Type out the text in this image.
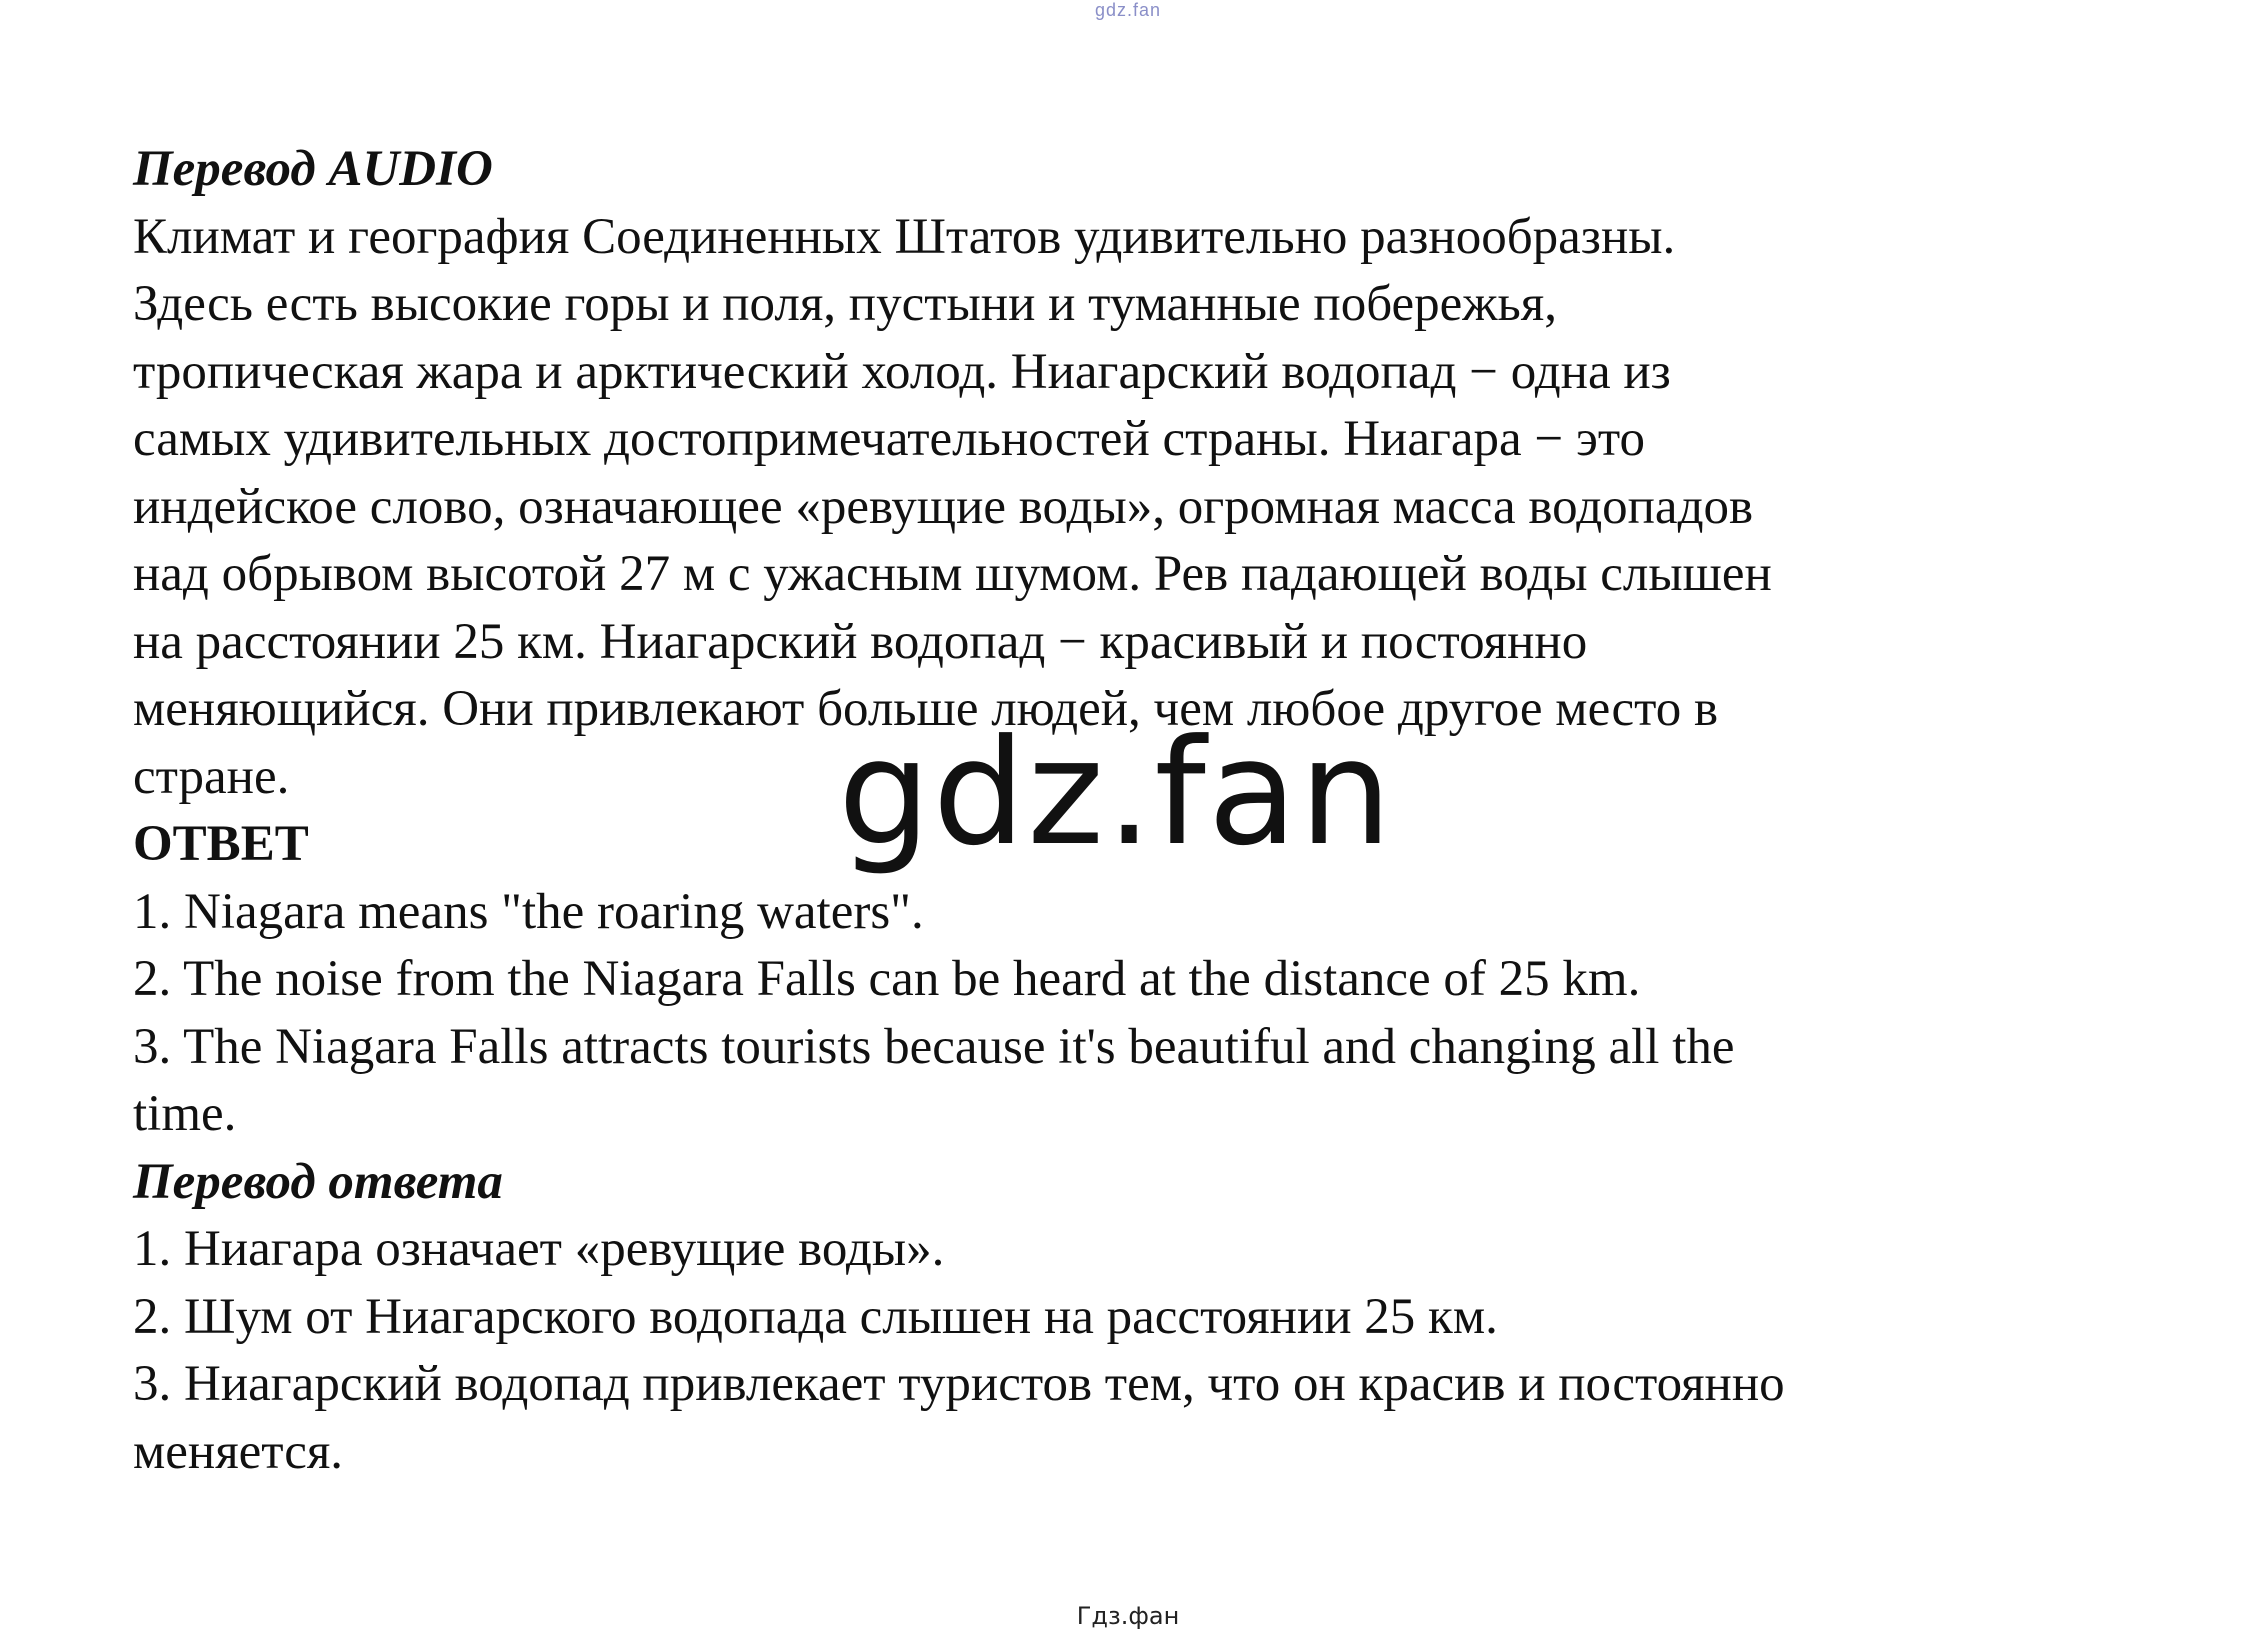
gdz.fan

Перевод AUDIO

Климат и география Соединенных Штатов удивительно разнообразны.
Здесь есть высокие горы и поля, пустыни и туманные побережья,
тропическая жара и арктический холод. Ниагарский водопад − одна из
самых удивительных достопримечательностей страны. Ниагара − это
индейское слово, означающее «ревущие воды», огромная масса водопадов
над обрывом высотой 27 м с ужасным шумом. Рев падающей воды слышен
на расстоянии 25 км. Ниагарский водопад − красивый и постоянно
меняющийся. Они привлекают больше людей, чем любое другое место в
стране.

ОТВЕТ

1. Niagara means "the roaring waters".
2. The noise from the Niagara Falls can be heard at the distance of 25 km.
3. The Niagara Falls attracts tourists because it's beautiful and changing all the
time.

Перевод ответа

1. Ниагара означает «ревущие воды».
2. Шум от Ниагарского водопада слышен на расстоянии 25 км.
3. Ниагарский водопад привлекает туристов тем, что он красив и постоянно
меняется.

gdz.fan
Гдз.фан
